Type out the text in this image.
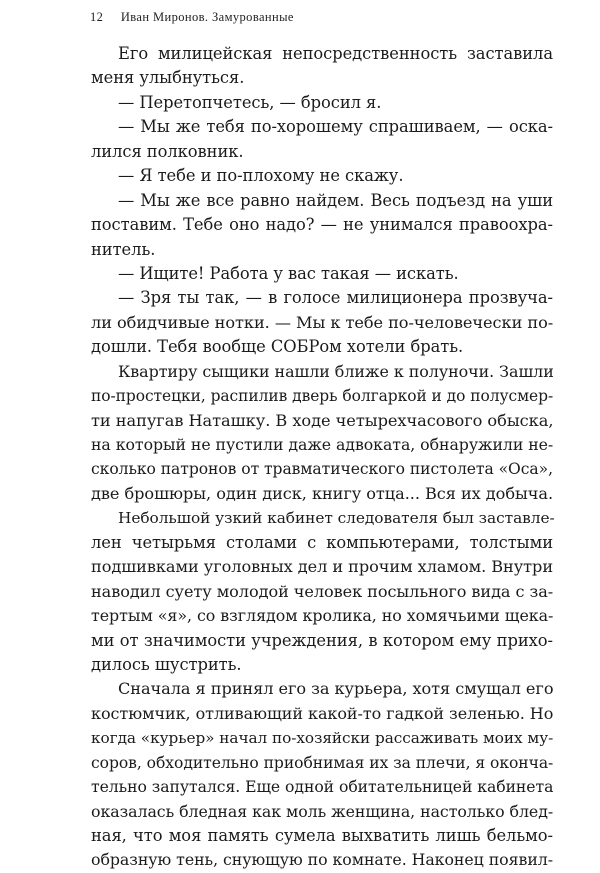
12 Иван Миронов. Замурованные
Его милицейская непосредственность заставила
меня улыбнуться.
— Перетопчетесь, — бросил я.
— Мы же тебя по-хорошему спрашиваем, — оска-
лился полковник.
— Я тебе и по-плохому не скажу.
— Мы же все равно найдем. Весь подъезд на уши
поставим. Тебе оно надо? — не унимался правоохра-
нитель.
— Ищите! Работа у вас такая — искать.
— Зря ты так, — в голосе милиционера прозвуча-
ли обидчивые нотки. — Мы к тебе по-человечески по-
дошли. Тебя вообще СОБРом хотели брать.
Квартиру сыщики нашли ближе к полуночи. Зашли
по-простецки, распилив дверь болгаркой и до полусмер-
ти напугав Наташку. В ходе четырехчасового обыска,
на который не пустили даже адвоката, обнаружили не-
сколько патронов от травматического пистолета «Оса»,
две брошюры, один диск, книгу отца... Вся их добыча.
Небольшой узкий кабинет следователя был заставле-
лен четырьмя столами с компьютерами, толстыми
подшивками уголовных дел и прочим хламом. Внутри
наводил суету молодой человек посыльного вида с за-
тертым «я», со взглядом кролика, но хомячьими щека-
ми от значимости учреждения, в котором ему прихо-
дилось шустрить.
Сначала я принял его за курьера, хотя смущал его
костюмчик, отливающий какой-то гадкой зеленью. Но
когда «курьер» начал по-хозяйски рассаживать моих му-
соров, обходительно приобнимая их за плечи, я оконча-
тельно запутался. Еще одной обитательницей кабинета
оказалась бледная как моль женщина, настолько блед-
ная, что моя память сумела выхватить лишь бельмо-
образную тень, снующую по комнате. Наконец появил-
